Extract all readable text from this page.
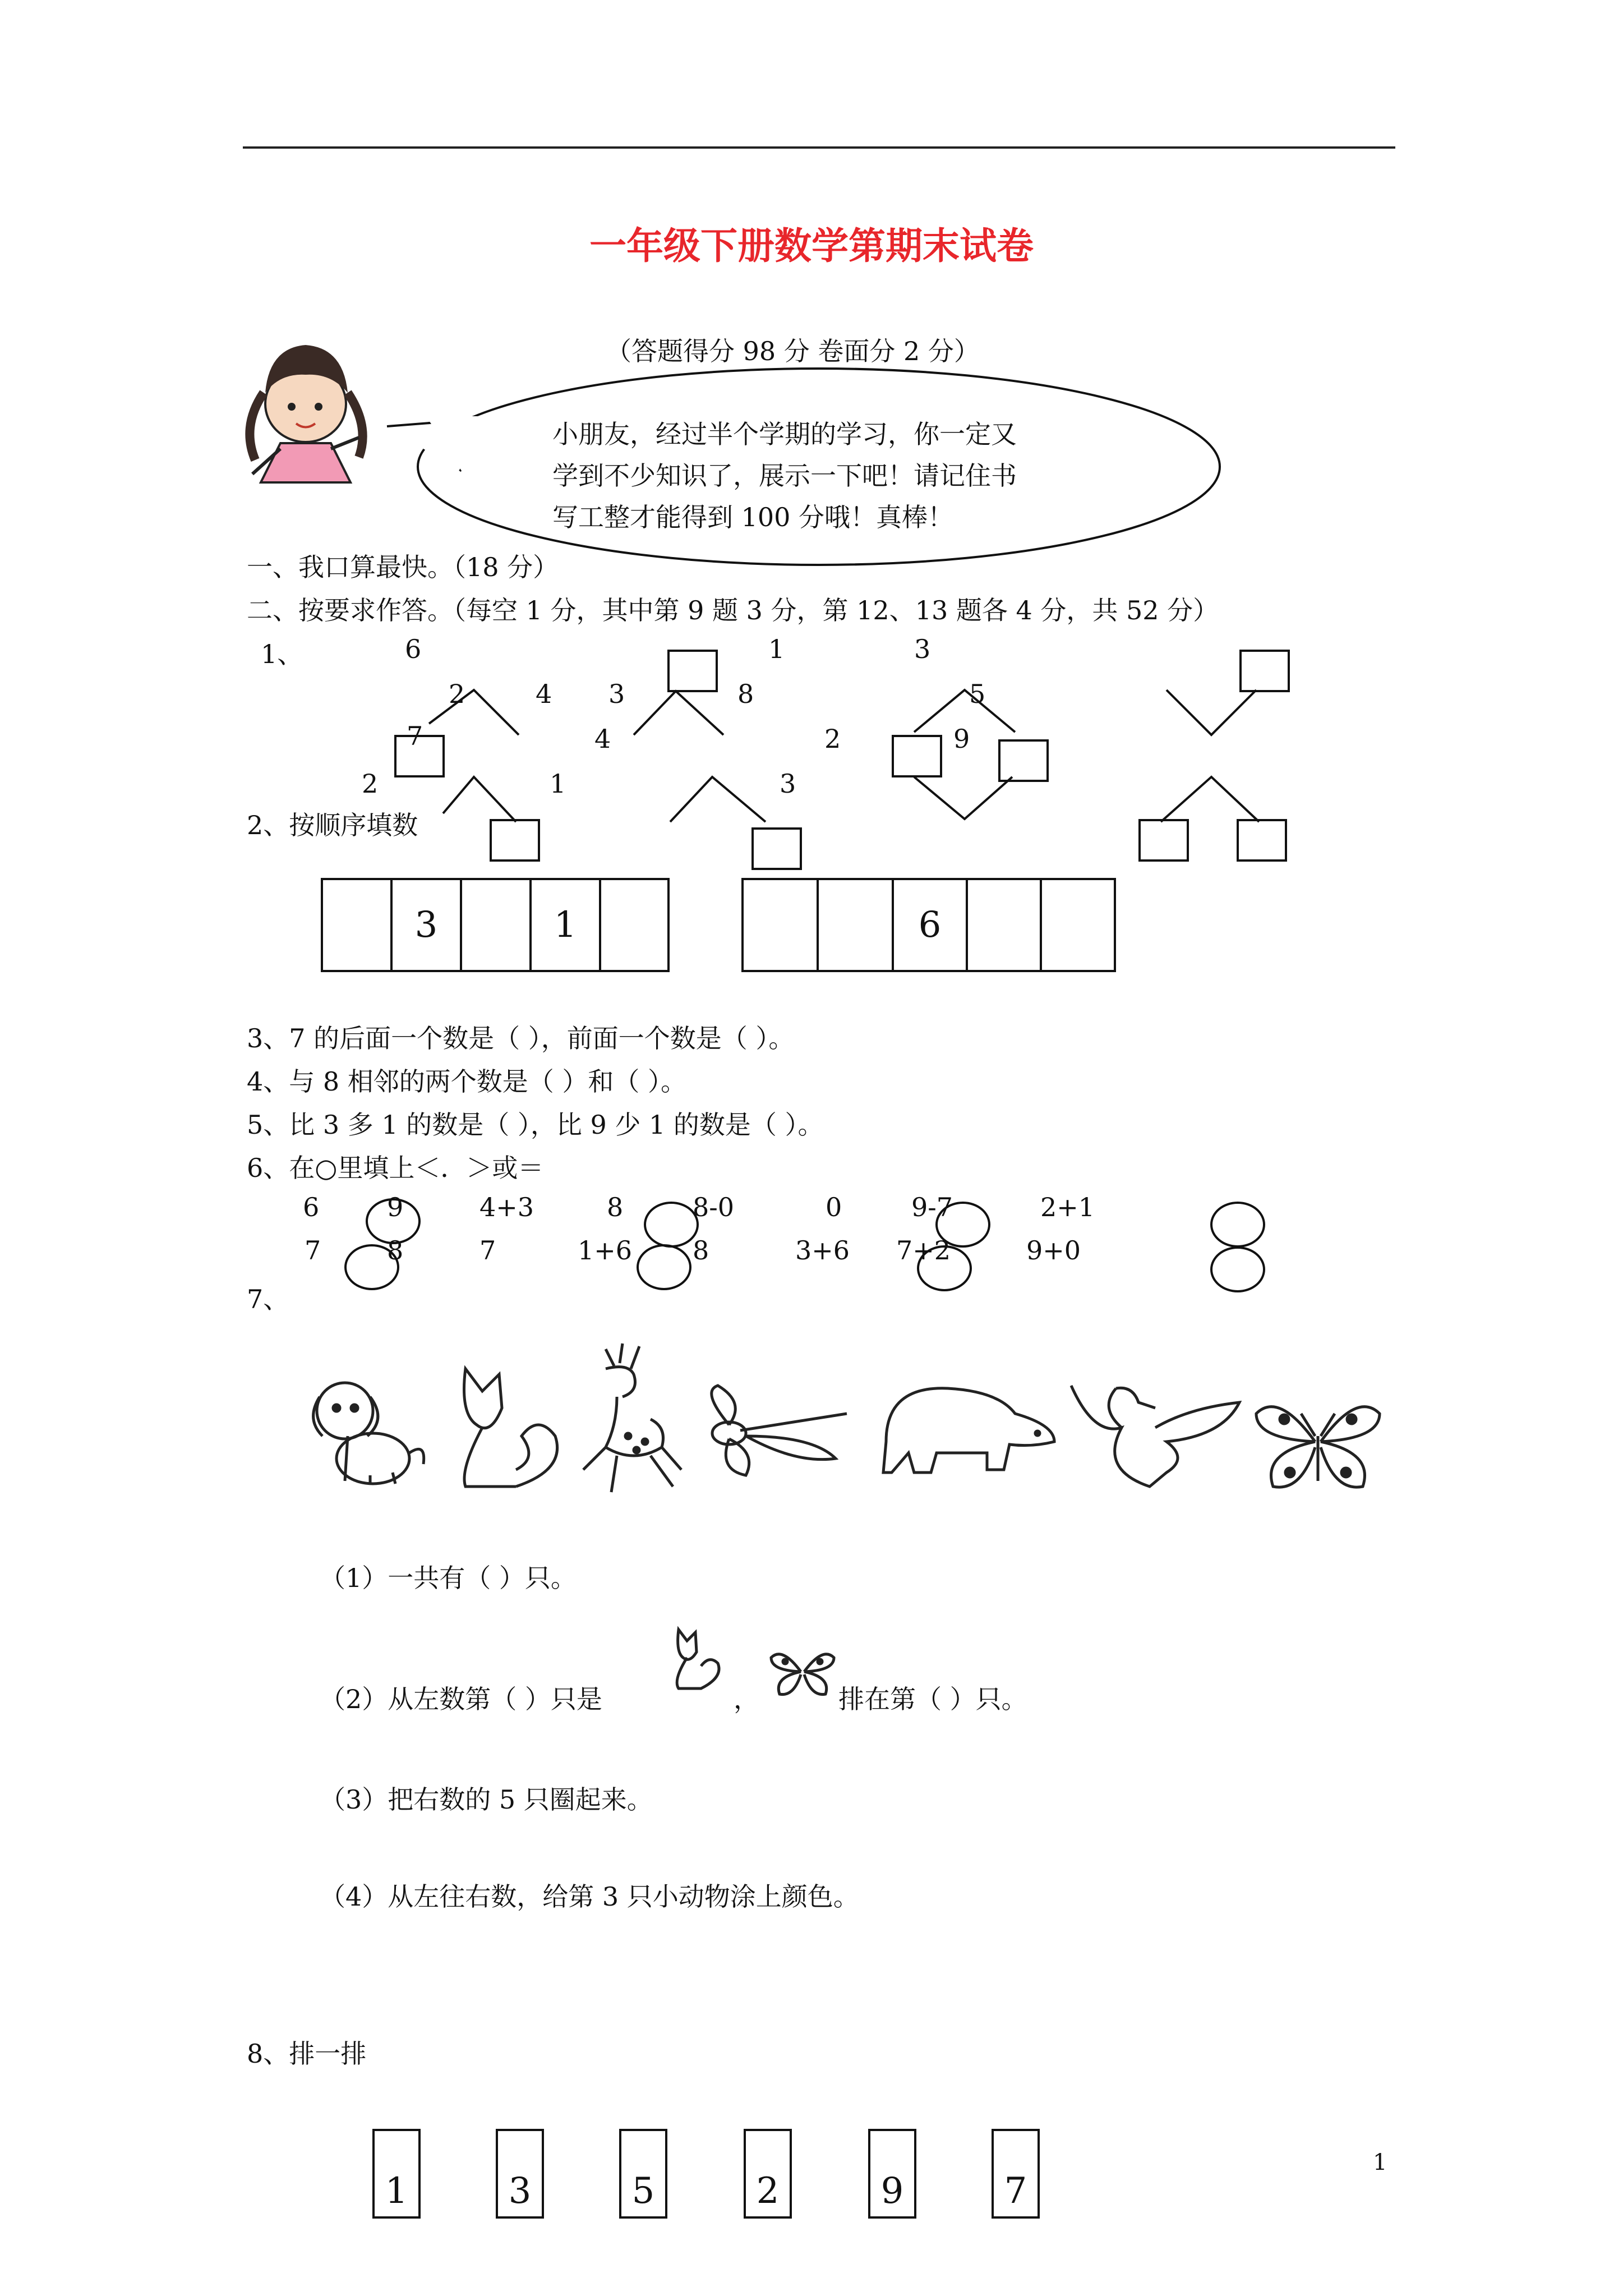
一年级下册数学第期末试卷
（答题得分 98 分 卷面分 2 分）
小朋友，经过半个学期的学习，你一定又
学到不少知识了，展示一下吧！请记住书
写工整才能得到 100 分哦！真棒！
一、我口算最快。（18 分）
二、按要求作答。（每空 1 分，其中第 9 题 3 分，第 12、13 题各 4 分，共 52 分）
1、	6
2	4 3	8
1	3
5
7	4	2	9
2	1	3
2、按顺序填数
3	1	6
3、7 的后面一个数是（ ），前面一个数是（ ）。
4、与 8 相邻的两个数是（ ）和（ ）。
5、比 3 多 1 的数是（ ），比 9 少 1 的数是（ ）。
6、在○里填上＜．＞或＝
6	9	4+3	8	8-0	0	9-7	2+1
7	8	7	1+6 8	3+6 7+2	9+0
7、
（1）一共有（ ）只。
（2）从左数第（ ）只是	，	排在第（ ）只。
（3）把右数的 5 只圈起来。
（4）从左往右数，给第 3 只小动物涂上颜色。
8、排一排
1	3	5	2	9	7
1
